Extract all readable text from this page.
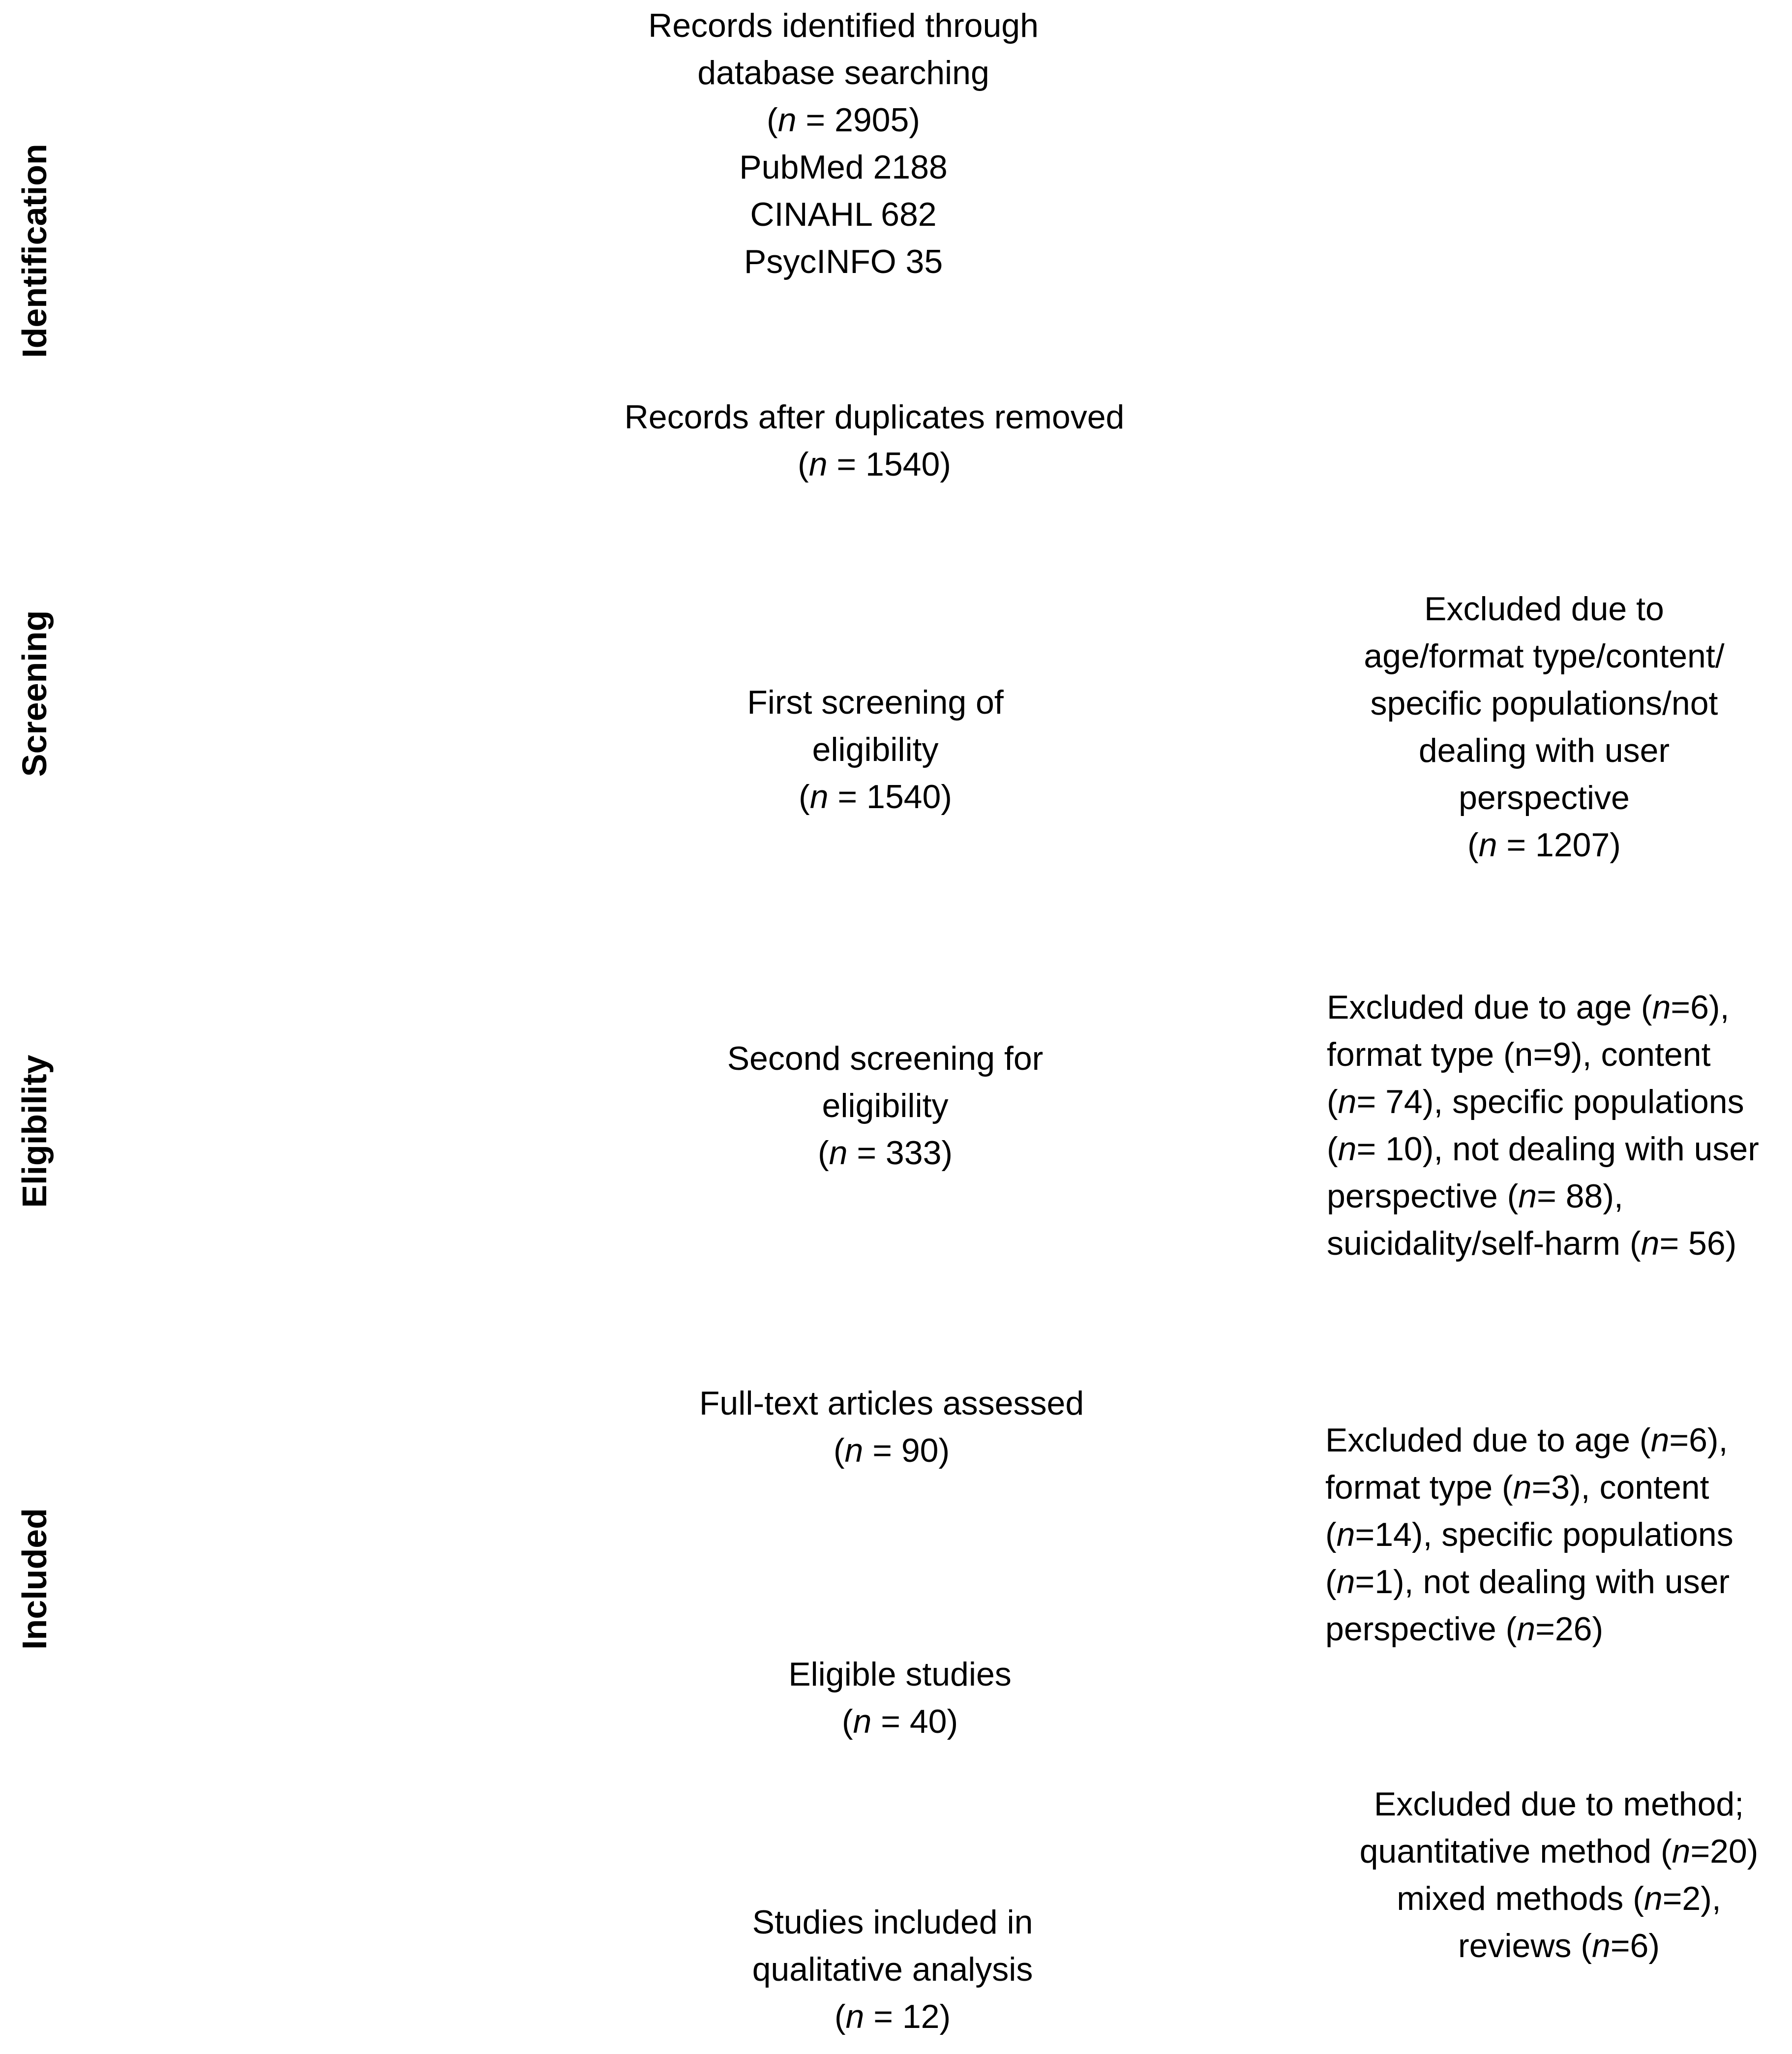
Identification
Screening
Eligibility
Included
Records identified through
database searching
(n = 2905)
PubMed 2188
CINAHL 682
PsycINFO 35
Records after duplicates removed
(n = 1540)
First screening of
eligibility
(n = 1540)
Excluded due to
age/format type/content/
specific populations/not
dealing with user
perspective
(n = 1207)
Second screening for
eligibility
(n = 333)
Excluded due to age (n=6),
format type (n=9), content
(n= 74), specific populations
(n= 10), not dealing with user
perspective (n= 88),
suicidality/self-harm (n= 56)
Full-text articles assessed
(n = 90)	Excluded due to age (n=6),
format type (n=3), content
(n=14), specific populations
(n=1), not dealing with user
perspective (n=26)
Eligible studies
(n = 40)
Excluded due to method;
quantitative method (n=20)
mixed methods (n=2),
reviews (n=6)
Studies included in
qualitative analysis
(n = 12)
